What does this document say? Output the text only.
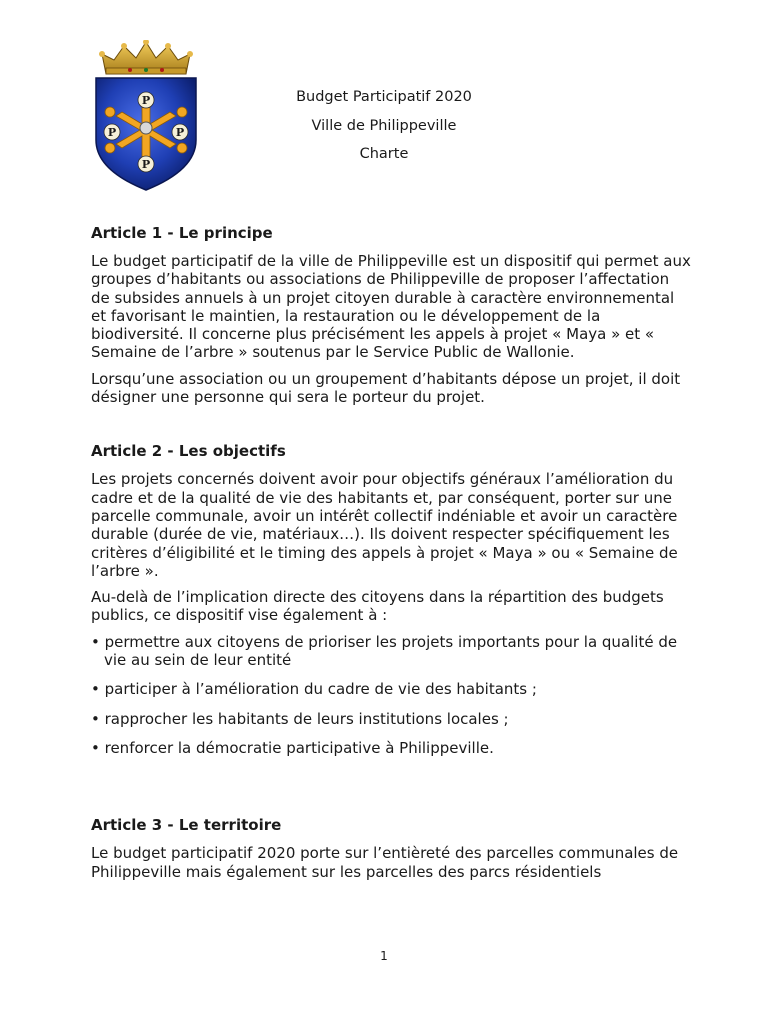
P
P	P
P
Budget Participatif 2020
Ville de Philippeville
Charte
Article 1 - Le principe

Le budget participatif de la ville de Philippeville est un dispositif qui permet aux groupes d’habitants ou associations de Philippeville de proposer l’affectation de subsides annuels à un projet citoyen durable à caractère environnemental et favorisant le maintien, la restauration ou le développement de la biodiversité. Il concerne plus précisément les appels à projet « Maya » et « Semaine de l’arbre » soutenus par le Service Public de Wallonie.

Lorsqu’une association ou un groupement d’habitants dépose un projet, il doit désigner une personne qui sera le porteur du projet.

Article 2 - Les objectifs

Les projets concernés doivent avoir pour objectifs généraux l’amélioration du cadre et de la qualité de vie des habitants et, par conséquent, porter sur une parcelle communale, avoir un intérêt collectif indéniable et avoir un caractère durable (durée de vie, matériaux…). Ils doivent respecter spécifiquement les critères d’éligibilité et le timing des appels à projet « Maya » ou « Semaine de l’arbre ».

Au-delà de l’implication directe des citoyens dans la répartition des budgets publics, ce dispositif vise également à :

• permettre aux citoyens de prioriser les projets importants pour la qualité de vie au sein de leur entité
• participer à l’amélioration du cadre de vie des habitants ;
• rapprocher les habitants de leurs institutions locales ;
• renforcer la démocratie participative à Philippeville.
Article 3 - Le territoire

Le budget participatif 2020 porte sur l’entièreté des parcelles communales de Philippeville mais également sur les parcelles des parcs résidentiels

1
